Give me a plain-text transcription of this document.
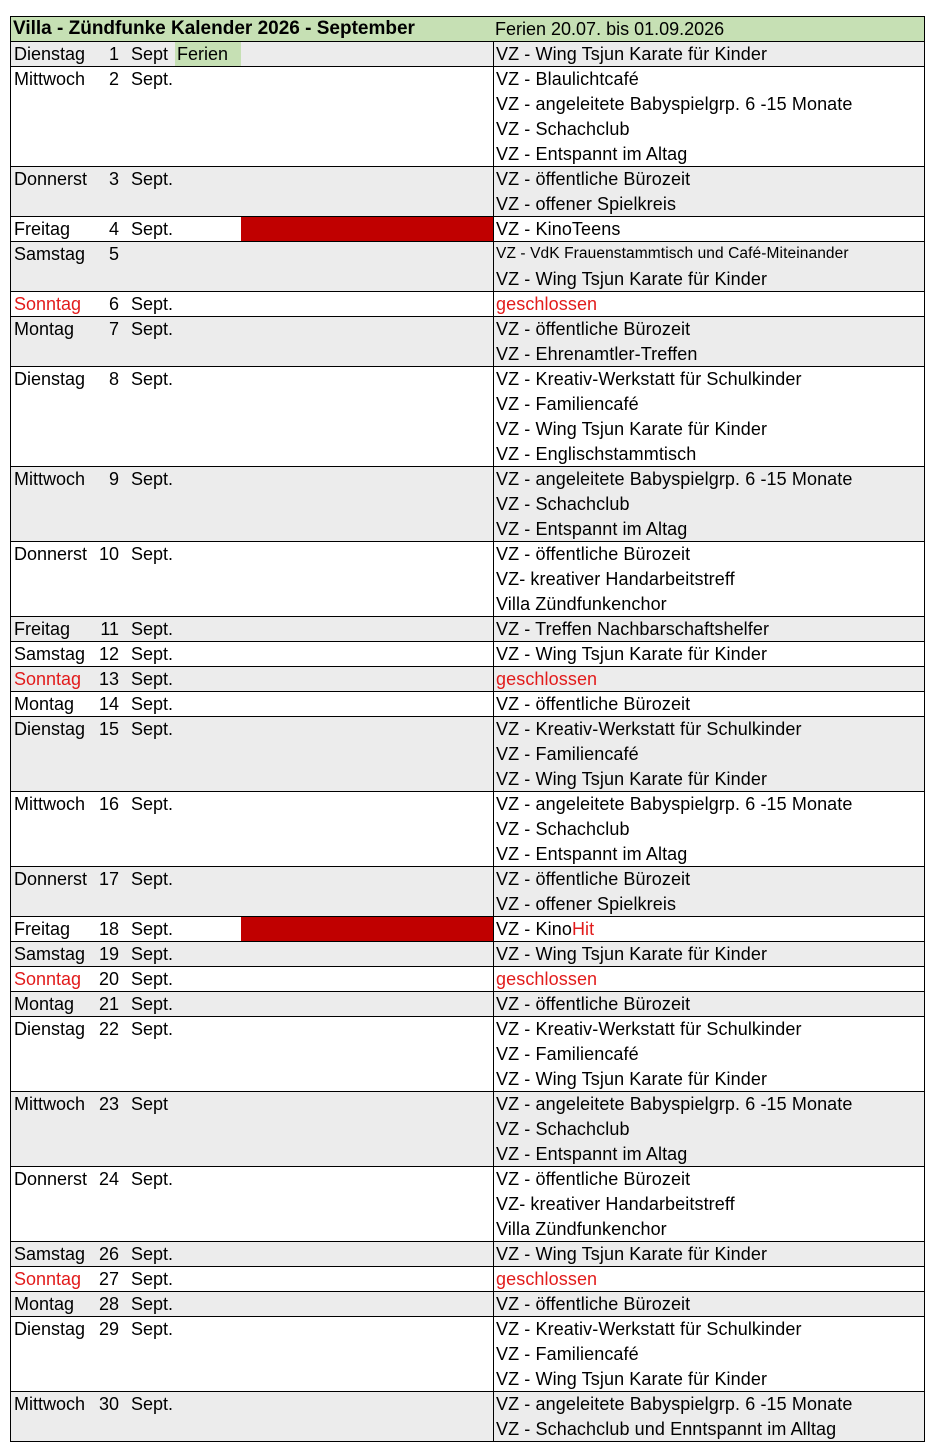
Villa - Zündfunke Kalender 2026 - September	Ferien 20.07. bis 01.09.2026
Dienstag	1 Sept Ferien	VZ - Wing Tsjun Karate für Kinder
Mittwoch	2 Sept.	VZ - Blaulichtcafé
VZ - angeleitete Babyspielgrp. 6 -15 Monate
VZ - Schachclub
VZ - Entspannt im Altag
Donnerst	3 Sept.	VZ - öffentliche Bürozeit
VZ - offener Spielkreis
Freitag	4 Sept.	VZ - KinoTeens
Samstag	5	VZ - VdK Frauenstammtisch und Café-Miteinander
VZ - Wing Tsjun Karate für Kinder
Sonntag	6 Sept.	geschlossen
Montag	7 Sept.	VZ - öffentliche Bürozeit
VZ - Ehrenamtler-Treffen
Dienstag	8 Sept.	VZ - Kreativ-Werkstatt für Schulkinder
VZ - Familiencafé
VZ - Wing Tsjun Karate für Kinder
VZ - Englischstammtisch
Mittwoch	9 Sept.	VZ - angeleitete Babyspielgrp. 6 -15 Monate
VZ - Schachclub
VZ - Entspannt im Altag
Donnerst 10 Sept.	VZ - öffentliche Bürozeit
VZ- kreativer Handarbeitstreff
Villa Zündfunkenchor
Freitag	11 Sept.	VZ - Treffen Nachbarschaftshelfer
Samstag 12 Sept.	VZ - Wing Tsjun Karate für Kinder
Sonntag 13 Sept.	geschlossen
Montag	14 Sept.	VZ - öffentliche Bürozeit
Dienstag 15 Sept.	VZ - Kreativ-Werkstatt für Schulkinder
VZ - Familiencafé
VZ - Wing Tsjun Karate für Kinder
Mittwoch 16 Sept.	VZ - angeleitete Babyspielgrp. 6 -15 Monate
VZ - Schachclub
VZ - Entspannt im Altag
Donnerst 17 Sept.	VZ - öffentliche Bürozeit
VZ - offener Spielkreis
Freitag	18 Sept.	VZ - KinoHit
Samstag 19 Sept.	VZ - Wing Tsjun Karate für Kinder
Sonntag 20 Sept.	geschlossen
Montag	21 Sept.	VZ - öffentliche Bürozeit
Dienstag 22 Sept.	VZ - Kreativ-Werkstatt für Schulkinder
VZ - Familiencafé
VZ - Wing Tsjun Karate für Kinder
Mittwoch 23 Sept	VZ - angeleitete Babyspielgrp. 6 -15 Monate
VZ - Schachclub
VZ - Entspannt im Altag
Donnerst 24 Sept.	VZ - öffentliche Bürozeit
VZ- kreativer Handarbeitstreff
Villa Zündfunkenchor
Samstag 26 Sept.	VZ - Wing Tsjun Karate für Kinder
Sonntag 27 Sept.	geschlossen
Montag	28 Sept.	VZ - öffentliche Bürozeit
Dienstag 29 Sept.	VZ - Kreativ-Werkstatt für Schulkinder
VZ - Familiencafé
VZ - Wing Tsjun Karate für Kinder
Mittwoch 30 Sept.	VZ - angeleitete Babyspielgrp. 6 -15 Monate
VZ - Schachclub und Enntspannt im Alltag
